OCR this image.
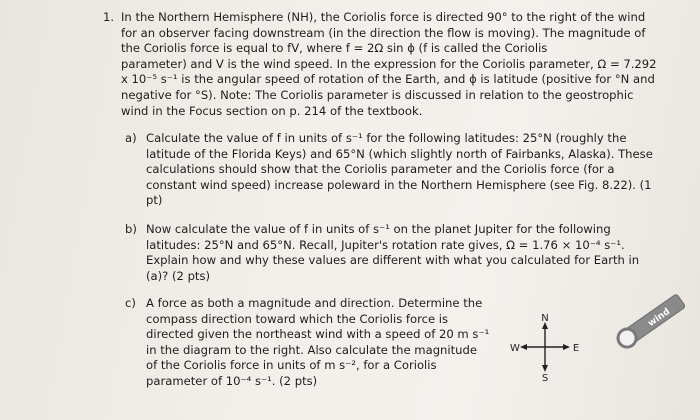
1. In the Northern Hemisphere (NH), the Coriolis force is directed 90° to the right of the wind
for an observer facing downstream (in the direction the flow is moving). The magnitude of
the Coriolis force is equal to fV, where f = 2Ω sin ϕ (f is called the Coriolis
parameter) and V is the wind speed. In the expression for the Coriolis parameter, Ω = 7.292
x 10⁻⁵ s⁻¹ is the angular speed of rotation of the Earth, and ϕ is latitude (positive for °N and
negative for °S). Note: The Coriolis parameter is discussed in relation to the geostrophic
wind in the Focus section on p. 214 of the textbook.
a) Calculate the value of f in units of s⁻¹ for the following latitudes: 25°N (roughly the
latitude of the Florida Keys) and 65°N (which slightly north of Fairbanks, Alaska). These
calculations should show that the Coriolis parameter and the Coriolis force (for a
constant wind speed) increase poleward in the Northern Hemisphere (see Fig. 8.22). (1
pt)
b) Now calculate the value of f in units of s⁻¹ on the planet Jupiter for the following
latitudes: 25°N and 65°N. Recall, Jupiter's rotation rate gives, Ω = 1.76 × 10⁻⁴ s⁻¹.
Explain how and why these values are different with what you calculated for Earth in
(a)? (2 pts)
c) A force as both a magnitude and direction. Determine the
compass direction toward which the Coriolis force is
directed given the northeast wind with a speed of 20 m s⁻¹
in the diagram to the right. Also calculate the magnitude
of the Coriolis force in units of m s⁻², for a Coriolis
parameter of 10⁻⁴ s⁻¹. (2 pts)
N
S
E
W
wind
